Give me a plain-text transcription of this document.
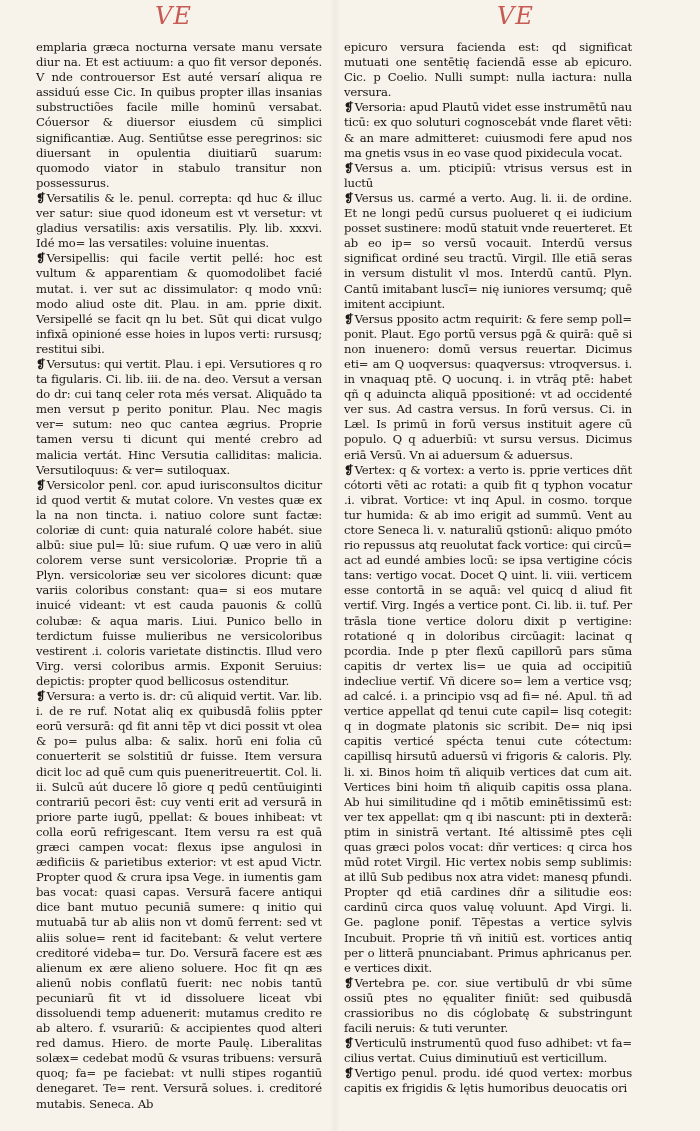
VE	VE

emplaria græca nocturna versate manu versate diur na. Et est actiuum: a quo fit versor deponés. V nde controuersor Est auté versarí aliqua re assiduú esse Cic. In quibus propter illas insanias substructiões facile mille hominū versabat. Cóuersor & diuersor eiusdem cū simplici significantiæ. Aug. Sentiūtse esse peregrinos: sic diuersant in opulentia diuitiarū suarum: quomodo viator in stabulo transitur non possessurus.

❡Versatilis & le. penul. correpta: qd huc & illuc ver satur: siue quod idoneum est vt versetur: vt gladius versatilis: axis versatilis. Ply. lib. xxxvi. Idé mo= las versatiles: voluine inuentas.

❡Versipellis: qui facile vertit pellé: hoc est vultum & apparentiam & quomodolibet facié mutat. i. ver sut ac dissimulator: q modo vnū: modo aliud oste dit. Plau. in am. pprie dixit. Versipellé se facit qn lu bet. Sūt qui dicat vulgo infixā opinioné esse hoies in lupos verti: rursusq; restitui sibi.

❡Versutus: qui vertit. Plau. i epi. Versutiores q ro ta figularis. Ci. lib. iii. de na. deo. Versut a versan do dr: cui tanq celer rota més versat. Aliquādo ta men versut p perito ponitur. Plau. Nec magis ver= sutum: neo quc cantea ægrius. Proprie tamen versu ti dicunt qui menté crebro ad malicia vertát. Hinc Versutia calliditas: malicia. Versutiloquus: & ver= sutiloquax.

❡Versicolor penl. cor. apud iurisconsultos dicitur id quod vertit & mutat colore. Vn vestes quæ ex la na non tincta. i. natiuo colore sunt factæ: coloriæ di cunt: quia naturalé colore habét. siue albū: siue pul= lū: siue rufum. Q uæ vero in aliū colorem verse sunt versicoloriæ. Proprie tñ a Plyn. versicoloriæ seu ver sicolores dicunt: quæ variis coloribus constant: qua= si eos mutare inuicé videant: vt est cauda pauonis & collū colubæ: & aqua maris. Liui. Punico bello in terdictum fuisse mulieribus ne versicoloribus vestirent .i. coloris varietate distinctis. Illud vero Virg. versi coloribus armis. Exponit Seruius: depictis: propter quod bellicosus ostenditur.

❡Versura: a verto is. dr: cū aliquid vertit. Var. lib. i. de re ruf. Notat aliq ex quibusdā foliis ppter eorū versurā: qd fit anni tēp vt dici possit vt olea & po= pulus alba: & salix. horū eni folia cū conuerterit se solstitiū dr fuisse. Item versura dicit loc ad quē cum quis pueneritreuertit. Col. li. ii. Sulcū aút ducere lō giore q pedū centūuiginti contrariū pecori ēst: cuy venti erit ad versurā in priore parte iugū, ppellat: & boues inhibeat: vt colla eorū refrigescant. Item versu ra est quā græci campen vocat: flexus ipse angulosi in ædificiis & parietibus exterior: vt est apud Victr. Propter quod & crura ipsa Vege. in iumentis gam bas vocat: quasi capas. Versurā facere antiqui dice bant mutuo pecuniā sumere: q initio qui mutuabā tur ab aliis non vt domū ferrent: sed vt aliis solue= rent id facitebant: & velut vertere creditoré videba= tur. Do. Versurā facere est æs alienum ex ære alieno soluere. Hoc fit qn æs alienū nobis conflatū fuerit: nec nobis tantū pecuniarū fit vt id dissoluere liceat vbi dissoluendi temp aduenerit: mutamus credito re ab altero. f. vsurariū: & accipientes quod alteri red damus. Hiero. de morte Paulę. Liberalitas solæx= cedebat modū & vsuras tribuens: versurā quoq; fa= pe faciebat: vt nulli stipes rogantiū denegaret. Te= rent. Versurā solues. i. creditoré mutabis. Seneca. Ab

epicuro versura facienda est: qd significat mutuati one sentētię faciendā esse ab epicuro. Cic. p Coelio. Nulli sumpt: nulla iactura: nulla versura.

❡Versoria: apud Plautū videt esse instrumētū nau ticū: ex quo soluturi cognoscebát vnde flaret vēti: & an mare admitteret: cuiusmodi fere apud nos ma gnetis vsus in eo vase quod pixidecula vocat.

❡Versus a. um. pticipiū: vtrisus versus est in luctū

❡Versus us. carmé a verto. Aug. li. ii. de ordine. Et ne longi pedū cursus puolueret q ei iudicium posset sustinere: modū statuit vnde reuerteret. Et ab eo ip= so versū vocauit. Interdū versus significat ordiné seu tractū. Virgil. Ille etiā seras in versum distulit vl mos. Interdū cantū. Plyn. Cantū imitabant luscī= nię iuniores versumq; quē imitent accipiunt.

❡Versus pposito actm requirit: & fere semp poll= ponit. Plaut. Ego portū versus pgā & quirā: quē si non inuenero: domū versus reuertar. Dicimus eti= am Q uoqversus: quaqversus: vtroqversus. i. in vnaquaq ptē. Q uocunq. i. in vtrāq ptē: habet qñ q aduincta aliquā ppositioné: vt ad occidenté ver sus. Ad castra versus. In forū versus. Ci. in Læl. Is primū in forū versus instituit agere cū populo. Q q aduerbiū: vt sursu versus. Dicimus eriā Versū. Vn ai aduersum & aduersus.

❡Vertex: q & vortex: a verto is. pprie vertices dñt cótorti vēti ac rotati: a quib fit q typhon vocatur .i. vibrat. Vortice: vt inq Apul. in cosmo. torque tur humida: & ab imo erigit ad summū. Vent au ctore Seneca li. v. naturaliū qstionū: aliquo pmóto rio repussus atq reuolutat fack vortice: qui circū= act ad eundé ambies locū: se ipsa vertigine cócis tans: vertigo vocat. Docet Q uint. li. viii. verticem esse contortā in se aquā: vel quicq d aliud fit vertif. Virg. Ingés a vertice pont. Ci. lib. ii. tuf. Per trāsla tione vertice doloru dixit p vertigine: rotationé q in doloribus circūagit: lacinat q pcordia. Inde p pter flexū capillorū pars sūma capitis dr vertex lis= ue quia ad occipitiū indecliue vertif. Vñ dicere so= lem a vertice vsq; ad calcé. i. a principio vsq ad fi= né. Apul. tñ ad vertice appellat qd tenui cute capil= lisq cotegit: q in dogmate platonis sic scribit. De= niq ipsi capitis verticé spécta tenui cute cótectum: capillisq hirsutū aduersū vi frigoris & caloris. Ply. li. xi. Binos hoim tñ aliquib vertices dat cum ait. Vertices bini hoim tñ aliquib capitis ossa plana. Ab hui similitudine qd i mōtib eminētissimū est: ver tex appellat: qm q ibi nascunt: pti in dexterā: ptim in sinistrā vertant. Ité altissimē ptes cęli quas græci polos vocat: dñr vertices: q circa hos mūd rotet Virgil. Hic vertex nobis semp sublimis: at illū Sub pedibus nox atra videt: manesq pfundi. Propter qd etiā cardines dñr a silitudie eos: cardinū circa quos valuę voluunt. Apd Virgi. li. Ge. paglone ponif. Tēpestas a vertice sylvis Incubuit. Proprie tñ vñ initiū est. vortices antiq per o litterā pnunciabant. Primus aphricanus per. e vertices dixit.

❡Vertebra pe. cor. siue vertibulū dr vbi sūme ossiū ptes no ęqualiter finiūt: sed quibusdā crassioribus no dis cóglobatę & substringunt facili neruis: & tuti verunter.

❡Verticulū instrumentū quod fuso adhibet: vt fa= cilius vertat. Cuius diminutiuū est verticillum.

❡Vertigo penul. produ. idé quod vertex: morbus capitis ex frigidis & lętis humoribus deuocatis ori
